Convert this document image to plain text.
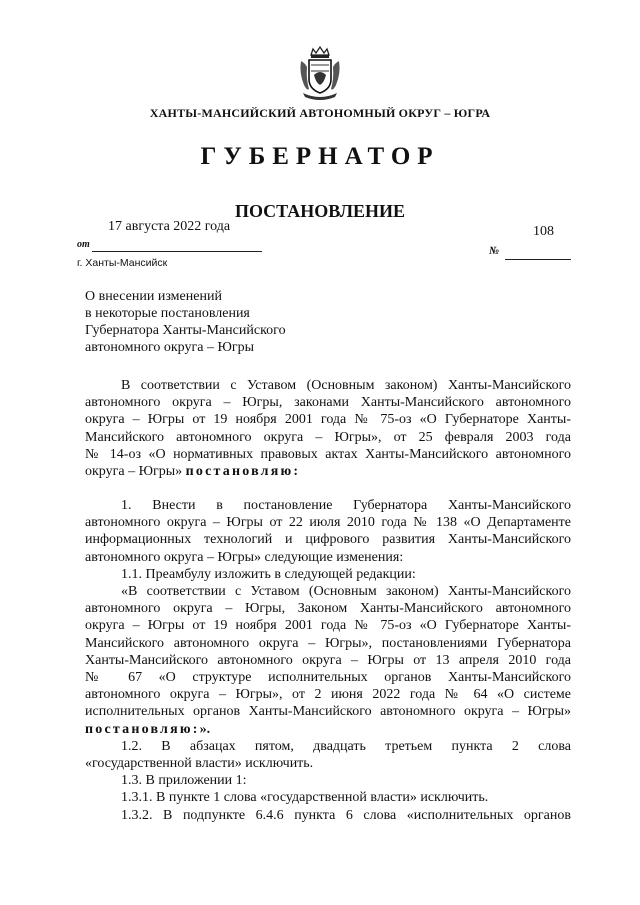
ХАНТЫ-МАНСИЙСКИЙ АВТОНОМНЫЙ ОКРУГ – ЮГРА
ГУБЕРНАТОР
ПОСТАНОВЛЕНИЕ
17 августа 2022 года	108
от
№
г. Ханты-Мансийск
О внесении изменений
в некоторые постановления
Губернатора Ханты-Мансийского
автономного округа – Югры
В соответствии с Уставом (Основным законом) Ханты-Мансийского
автономного округа – Югры, законами Ханты-Мансийского автономного
округа – Югры от 19 ноября 2001 года № 75-оз «О Губернаторе Ханты-
Мансийского автономного округа – Югры», от 25 февраля 2003 года
№ 14-оз «О нормативных правовых актах Ханты-Мансийского автономного
округа – Югры» постановляю:
1. Внести в постановление Губернатора Ханты-Мансийского
автономного округа – Югры от 22 июля 2010 года № 138 «О Департаменте
информационных технологий и цифрового развития Ханты-Мансийского
автономного округа – Югры» следующие изменения:
1.1. Преамбулу изложить в следующей редакции:
«В соответствии с Уставом (Основным законом) Ханты-Мансийского
автономного округа – Югры, Законом Ханты-Мансийского автономного
округа – Югры от 19 ноября 2001 года № 75-оз «О Губернаторе Ханты-
Мансийского автономного округа – Югры», постановлениями Губернатора
Ханты-Мансийского автономного округа – Югры от 13 апреля 2010 года
№ 67 «О структуре исполнительных органов Ханты-Мансийского
автономного округа – Югры», от 2 июня 2022 года № 64 «О системе
исполнительных органов Ханты-Мансийского автономного округа – Югры»
постановляю:».
1.2. В абзацах пятом, двадцать третьем пункта 2 слова
«государственной власти» исключить.
1.3. В приложении 1:
1.3.1. В пункте 1 слова «государственной власти» исключить.
1.3.2. В подпункте 6.4.6 пункта 6 слова «исполнительных органов
